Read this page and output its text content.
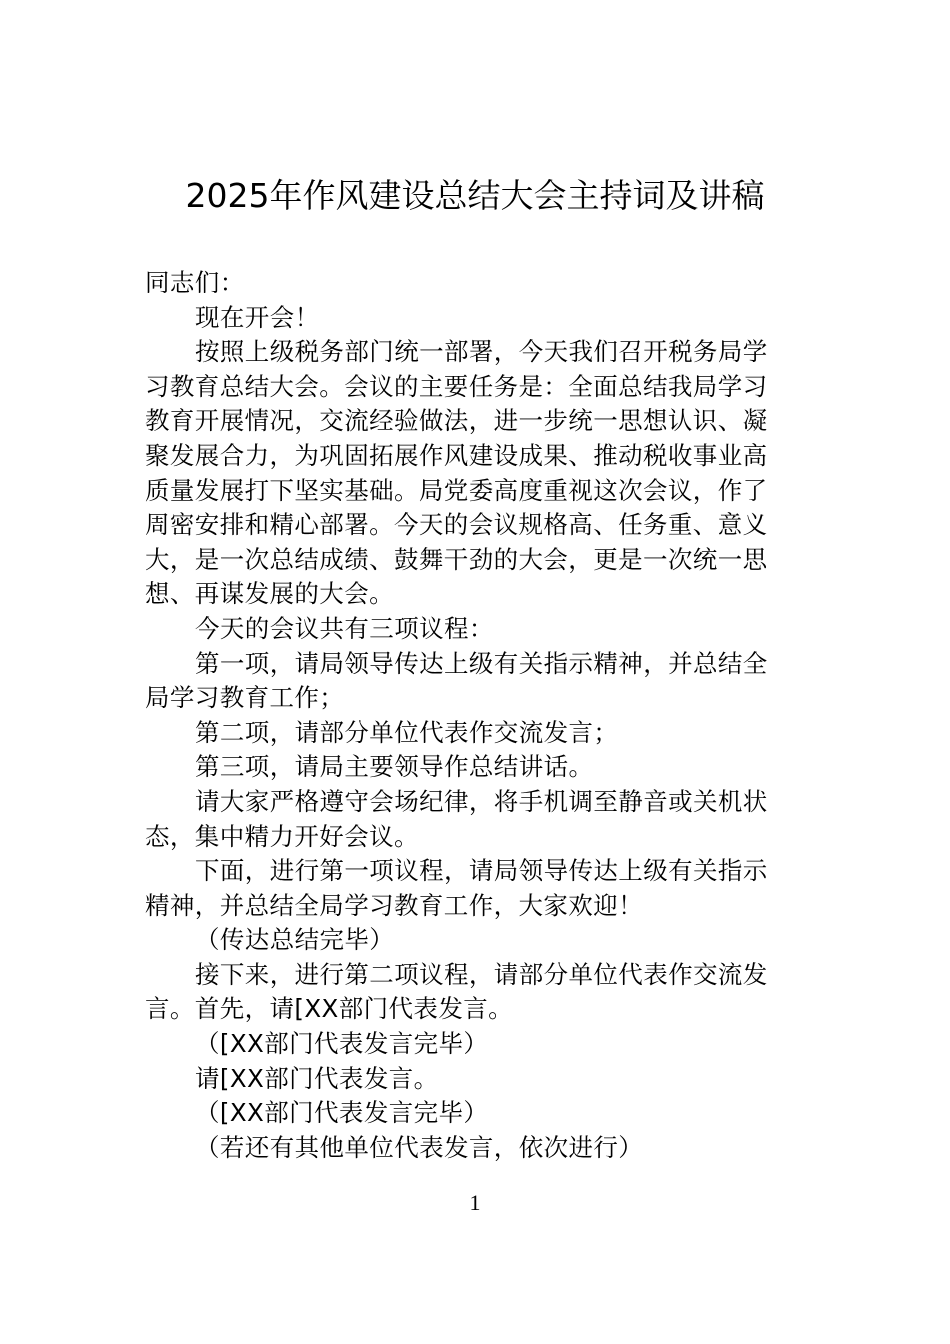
2025年作风建设总结大会主持词及讲稿
同志们：
现在开会！
按照上级税务部门统一部署，今天我们召开税务局学
习教育总结大会。会议的主要任务是：全面总结我局学习
教育开展情况，交流经验做法，进一步统一思想认识、凝
聚发展合力，为巩固拓展作风建设成果、推动税收事业高
质量发展打下坚实基础。局党委高度重视这次会议，作了
周密安排和精心部署。今天的会议规格高、任务重、意义
大，是一次总结成绩、鼓舞干劲的大会，更是一次统一思
想、再谋发展的大会。
今天的会议共有三项议程：
第一项，请局领导传达上级有关指示精神，并总结全
局学习教育工作；
第二项，请部分单位代表作交流发言；
第三项，请局主要领导作总结讲话。
请大家严格遵守会场纪律，将手机调至静音或关机状
态，集中精力开好会议。
下面，进行第一项议程，请局领导传达上级有关指示
精神，并总结全局学习教育工作，大家欢迎！
（传达总结完毕）
接下来，进行第二项议程，请部分单位代表作交流发
言。首先，请[XX部门代表发言。
（[XX部门代表发言完毕）
请[XX部门代表发言。
（[XX部门代表发言完毕）
（若还有其他单位代表发言，依次进行）
1
